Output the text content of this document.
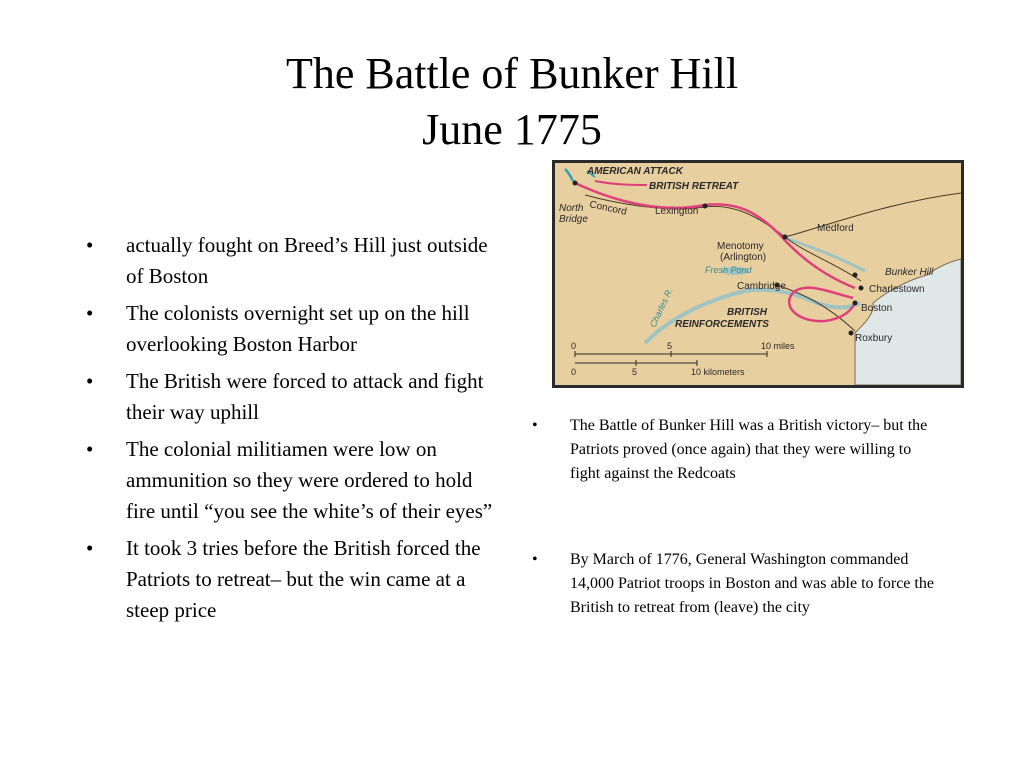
The Battle of Bunker Hill
June 1775
• actually fought on Breed’s Hill just outside of Boston
• The colonists overnight set up on the hill overlooking Boston Harbor
• The British were forced to attack and fight their way uphill
• The colonial militiamen were low on ammunition so they were ordered to hold fire until “you see the white’s of their eyes”
• It took 3 tries before the British forced the Patriots to retreat– but the win came at a steep price
AMERICAN ATTACK
BRITISH RETREAT
North
Bridge
Concord	Lexington
Medford
Menotomy
(Arlington)
Fresh Pond
Cambridge
Charles R.	BRITISH
REINFORCEMENTS
Bunker Hill
Charlestown
Boston
Roxbury
0	5	10 miles
0	5	10 kilometers
• The Battle of Bunker Hill was a British victory– but the Patriots proved (once again) that they were willing to fight against the Redcoats
• By March of 1776, General Washington commanded 14,000 Patriot troops in Boston and was able to force the British to retreat from (leave) the city
